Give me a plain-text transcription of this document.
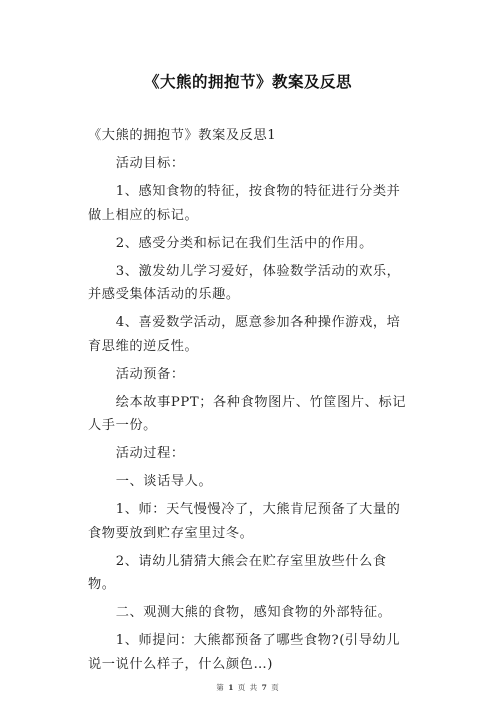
《大熊的拥抱节》教案及反思

《大熊的拥抱节》教案及反思1

活动目标：

1、感知食物的特征，按食物的特征进行分类并做上相应的标记。

2、感受分类和标记在我们生活中的作用。

3、激发幼儿学习爱好，体验数学活动的欢乐，并感受集体活动的乐趣。

4、喜爱数学活动，愿意参加各种操作游戏，培育思维的逆反性。

活动预备：

绘本故事PPT；各种食物图片、竹筐图片、标记人手一份。

活动过程：

一、谈话导人。

1、师：天气慢慢冷了，大熊肯尼预备了大量的食物要放到贮存室里过冬。

2、请幼儿猜猜大熊会在贮存室里放些什么食物。

二、观测大熊的食物，感知食物的外部特征。

1、师提问：大熊都预备了哪些食物?(引导幼儿说一说什么样子，什么颜色…)

第 1 页 共 7 页
